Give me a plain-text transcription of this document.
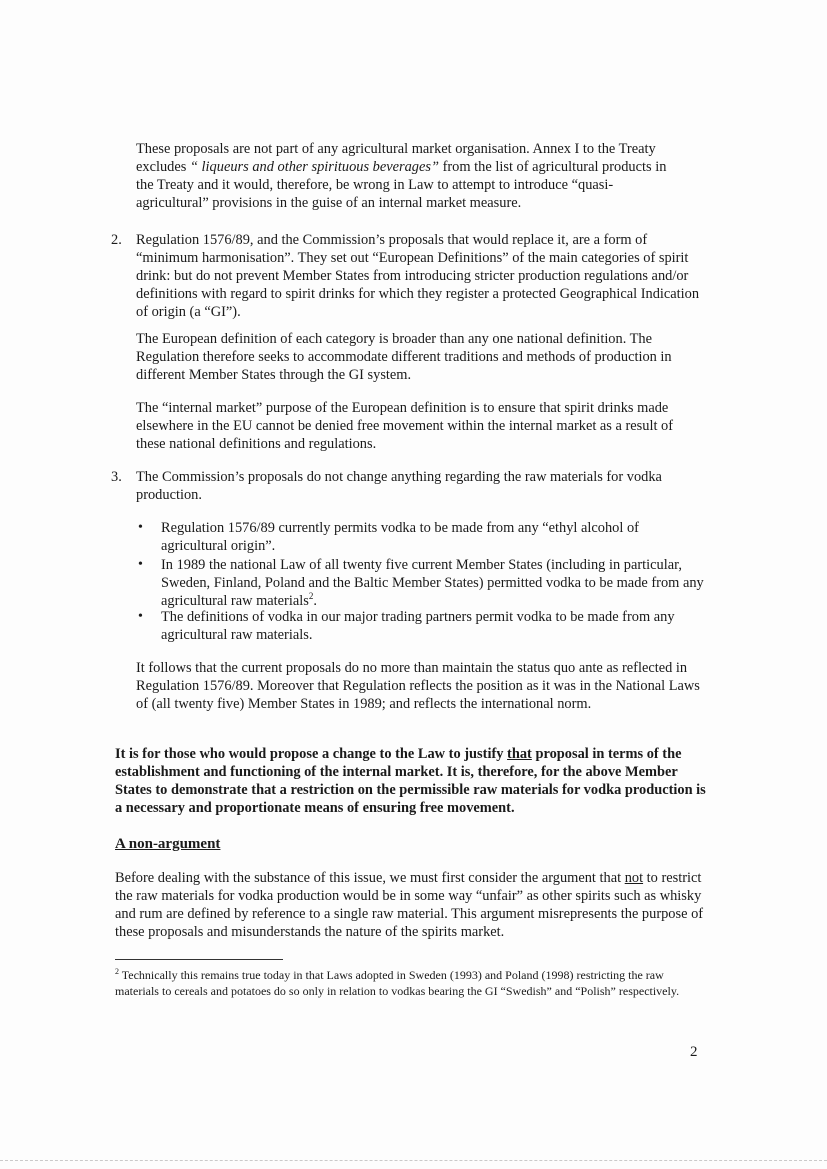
These proposals are not part of any agricultural market organisation. Annex I to the Treaty
excludes “ liqueurs and other spirituous beverages” from the list of agricultural products in
the Treaty and it would, therefore, be wrong in Law to attempt to introduce “quasi-
agricultural” provisions in the guise of an internal market measure.

2. Regulation 1576/89, and the Commission’s proposals that would replace it, are a form of “minimum harmonisation”. They set out “European Definitions” of the main categories of spirit drink: but do not prevent Member States from introducing stricter production regulations and/or definitions with regard to spirit drinks for which they register a protected Geographical Indication of origin (a “GI”).

The European definition of each category is broader than any one national definition. The Regulation therefore seeks to accommodate different traditions and methods of production in different Member States through the GI system.

The “internal market” purpose of the European definition is to ensure that spirit drinks made elsewhere in the EU cannot be denied free movement within the internal market as a result of these national definitions and regulations.

3. The Commission’s proposals do not change anything regarding the raw materials for vodka production.

• Regulation 1576/89 currently permits vodka to be made from any “ethyl alcohol of agricultural origin”.

• In 1989 the national Law of all twenty five current Member States (including in particular, Sweden, Finland, Poland and the Baltic Member States) permitted vodka to be made from any agricultural raw materials$^2$.

• The definitions of vodka in our major trading partners permit vodka to be made from any agricultural raw materials.

It follows that the current proposals do no more than maintain the status quo ante as reflected in Regulation 1576/89. Moreover that Regulation reflects the position as it was in the National Laws of (all twenty five) Member States in 1989; and reflects the international norm.

It is for those who would propose a change to the Law to justify that proposal in terms of the establishment and functioning of the internal market. It is, therefore, for the above Member States to demonstrate that a restriction on the permissible raw materials for vodka production is a necessary and proportionate means of ensuring free movement.

A non-argument

Before dealing with the substance of this issue, we must first consider the argument that not to restrict the raw materials for vodka production would be in some way “unfair” as other spirits such as whisky and rum are defined by reference to a single raw material. This argument misrepresents the purpose of these proposals and misunderstands the nature of the spirits market.

$^2$ Technically this remains true today in that Laws adopted in Sweden (1993) and Poland (1998) restricting the raw materials to cereals and potatoes do so only in relation to vodkas bearing the GI “Swedish” and “Polish” respectively.

2
